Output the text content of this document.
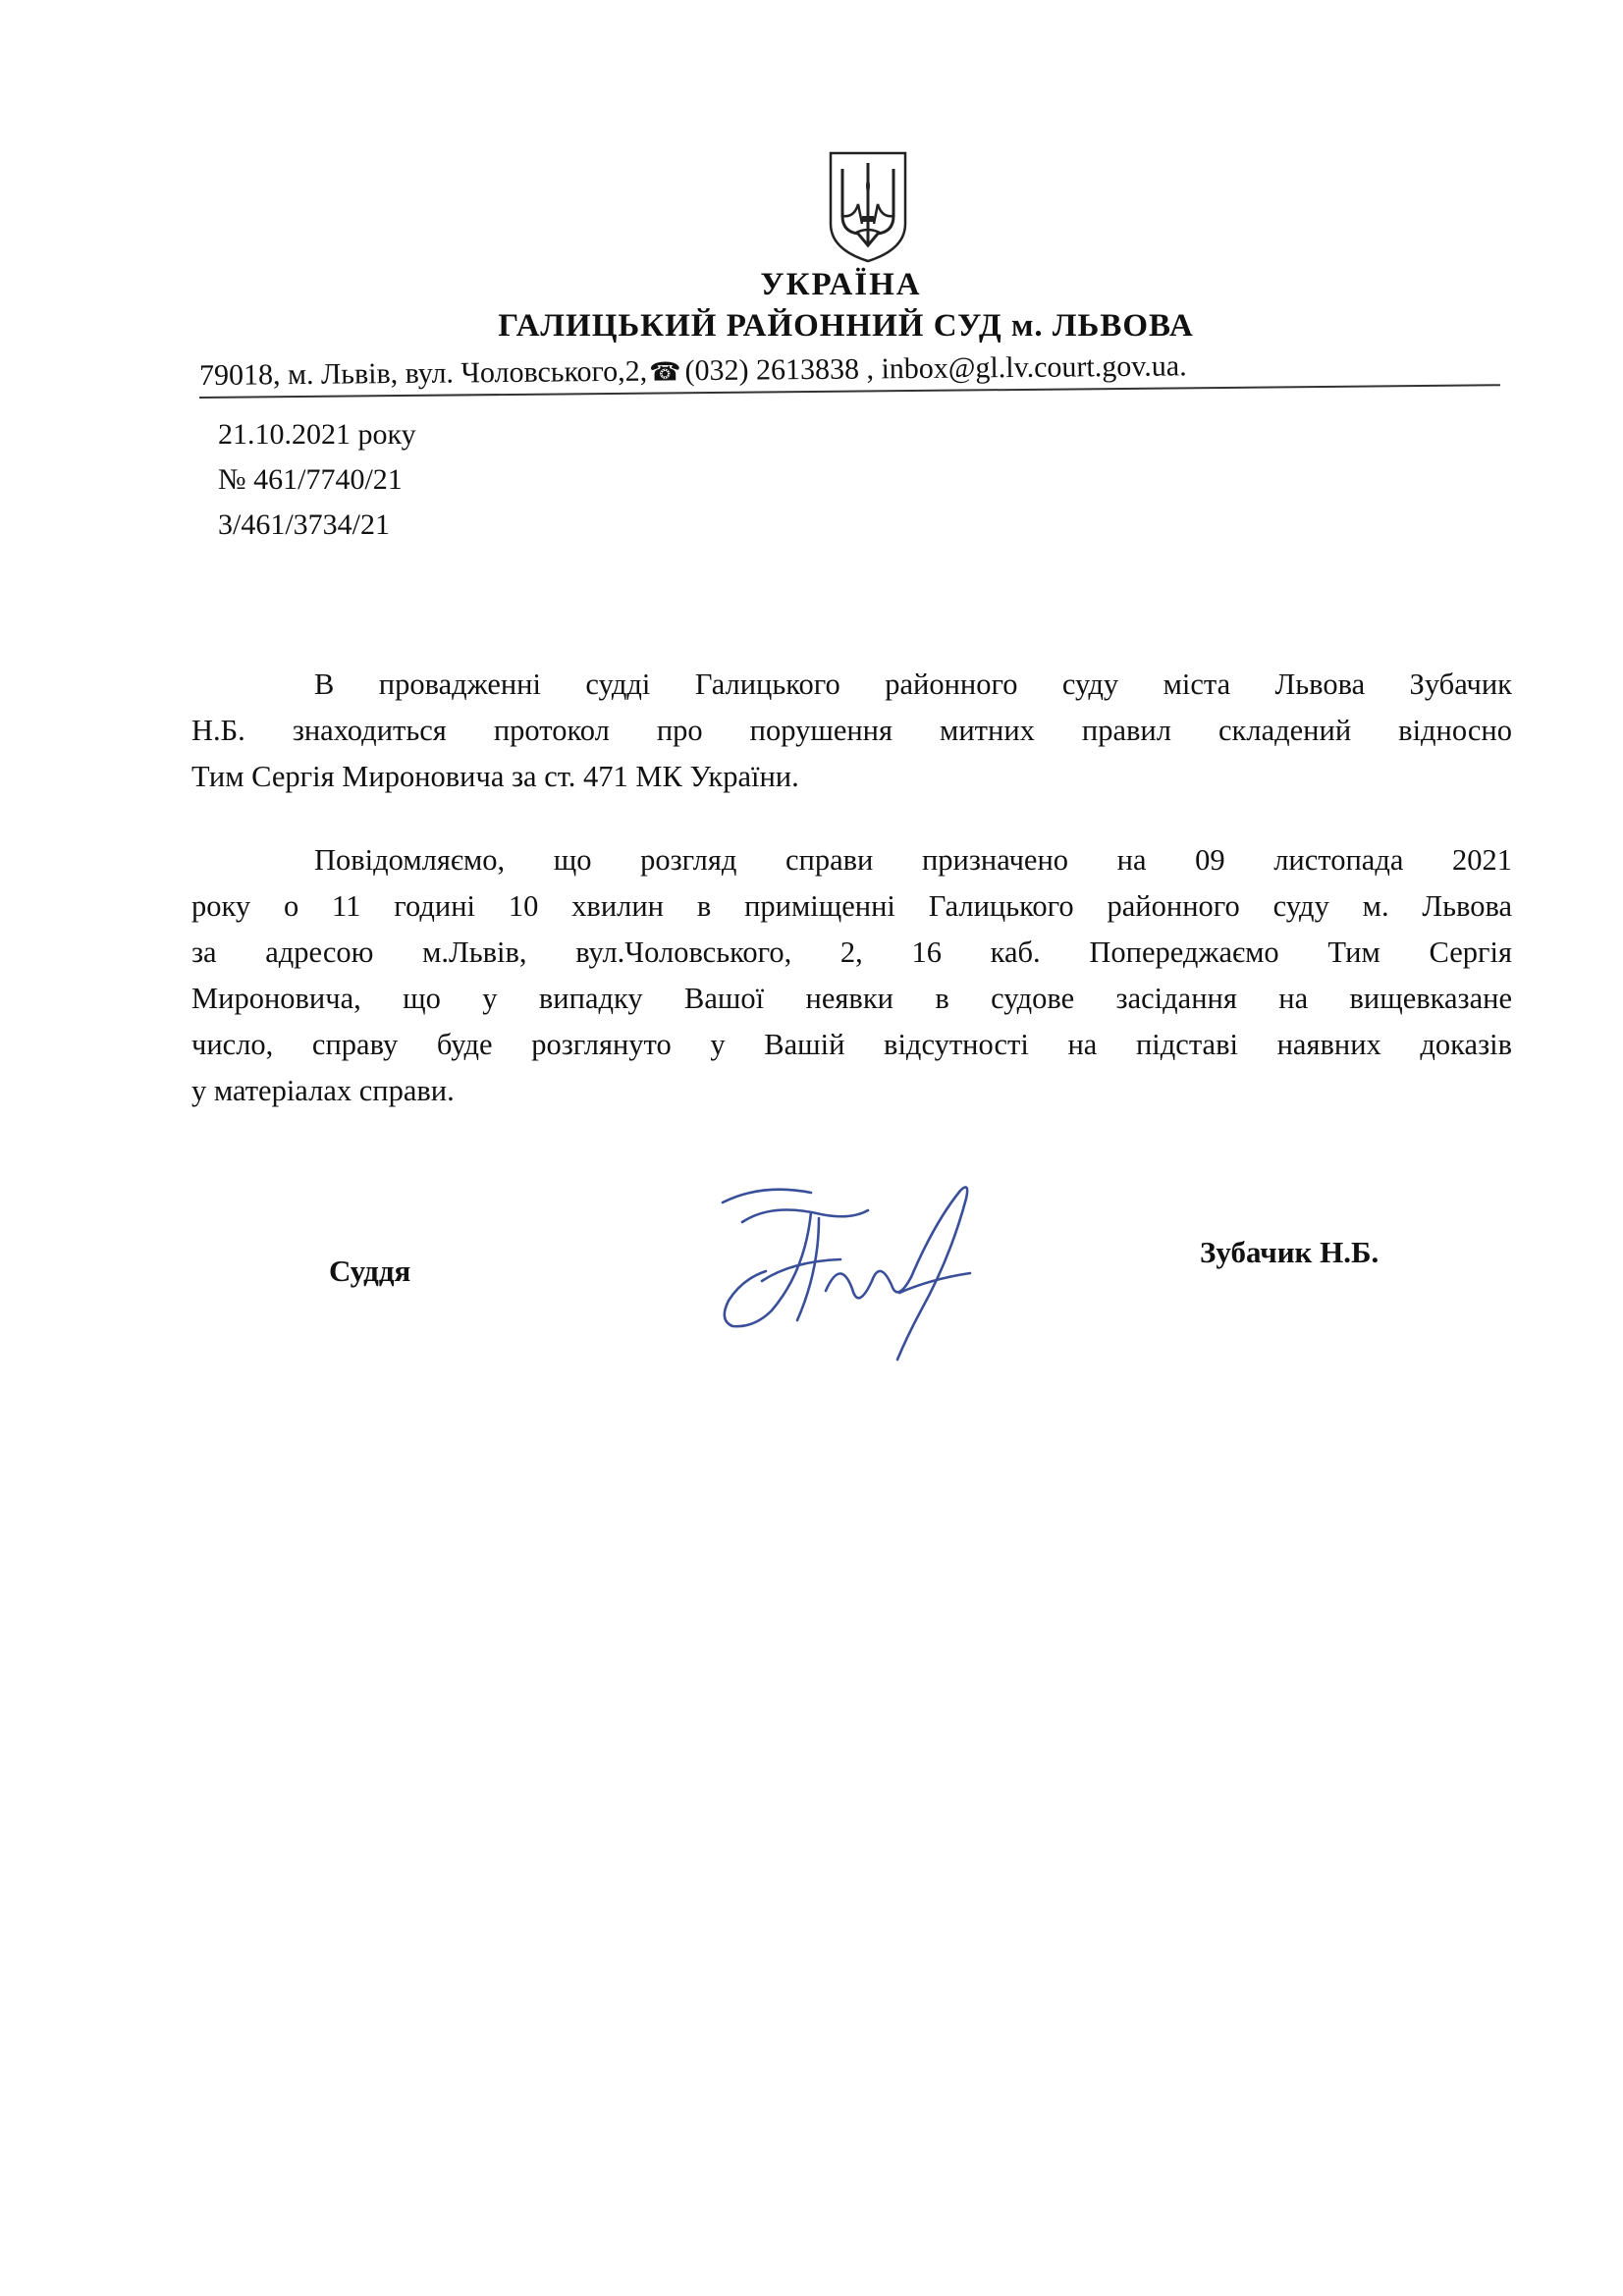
УКРАЇНА
ГАЛИЦЬКИЙ РАЙОННИЙ СУД м. ЛЬВОВА
79018, м. Львів, вул. Чоловського,2,☎ (032) 2613838 , inbox@gl.lv.court.gov.ua.
21.10.2021 року
№ 461/7740/21
3/461/3734/21
В провадженні судді Галицького районного суду міста Львова Зубачик
Н.Б. знаходиться протокол про порушення митних правил складений відносно
Тим Сергія Мироновича за ст. 471 МК України.
Повідомляємо, що розгляд справи призначено на 09 листопада 2021
року о 11 годині 10 хвилин в приміщенні Галицького районного суду м. Львова
за адресою м.Львів, вул.Чоловського, 2, 16 каб. Попереджаємо Тим Сергія
Мироновича, що у випадку Вашої неявки в судове засідання на вищевказане
число, справу буде розглянуто у Вашій відсутності на підставі наявних доказів
у матеріалах справи.
Суддя
Зубачик Н.Б.
